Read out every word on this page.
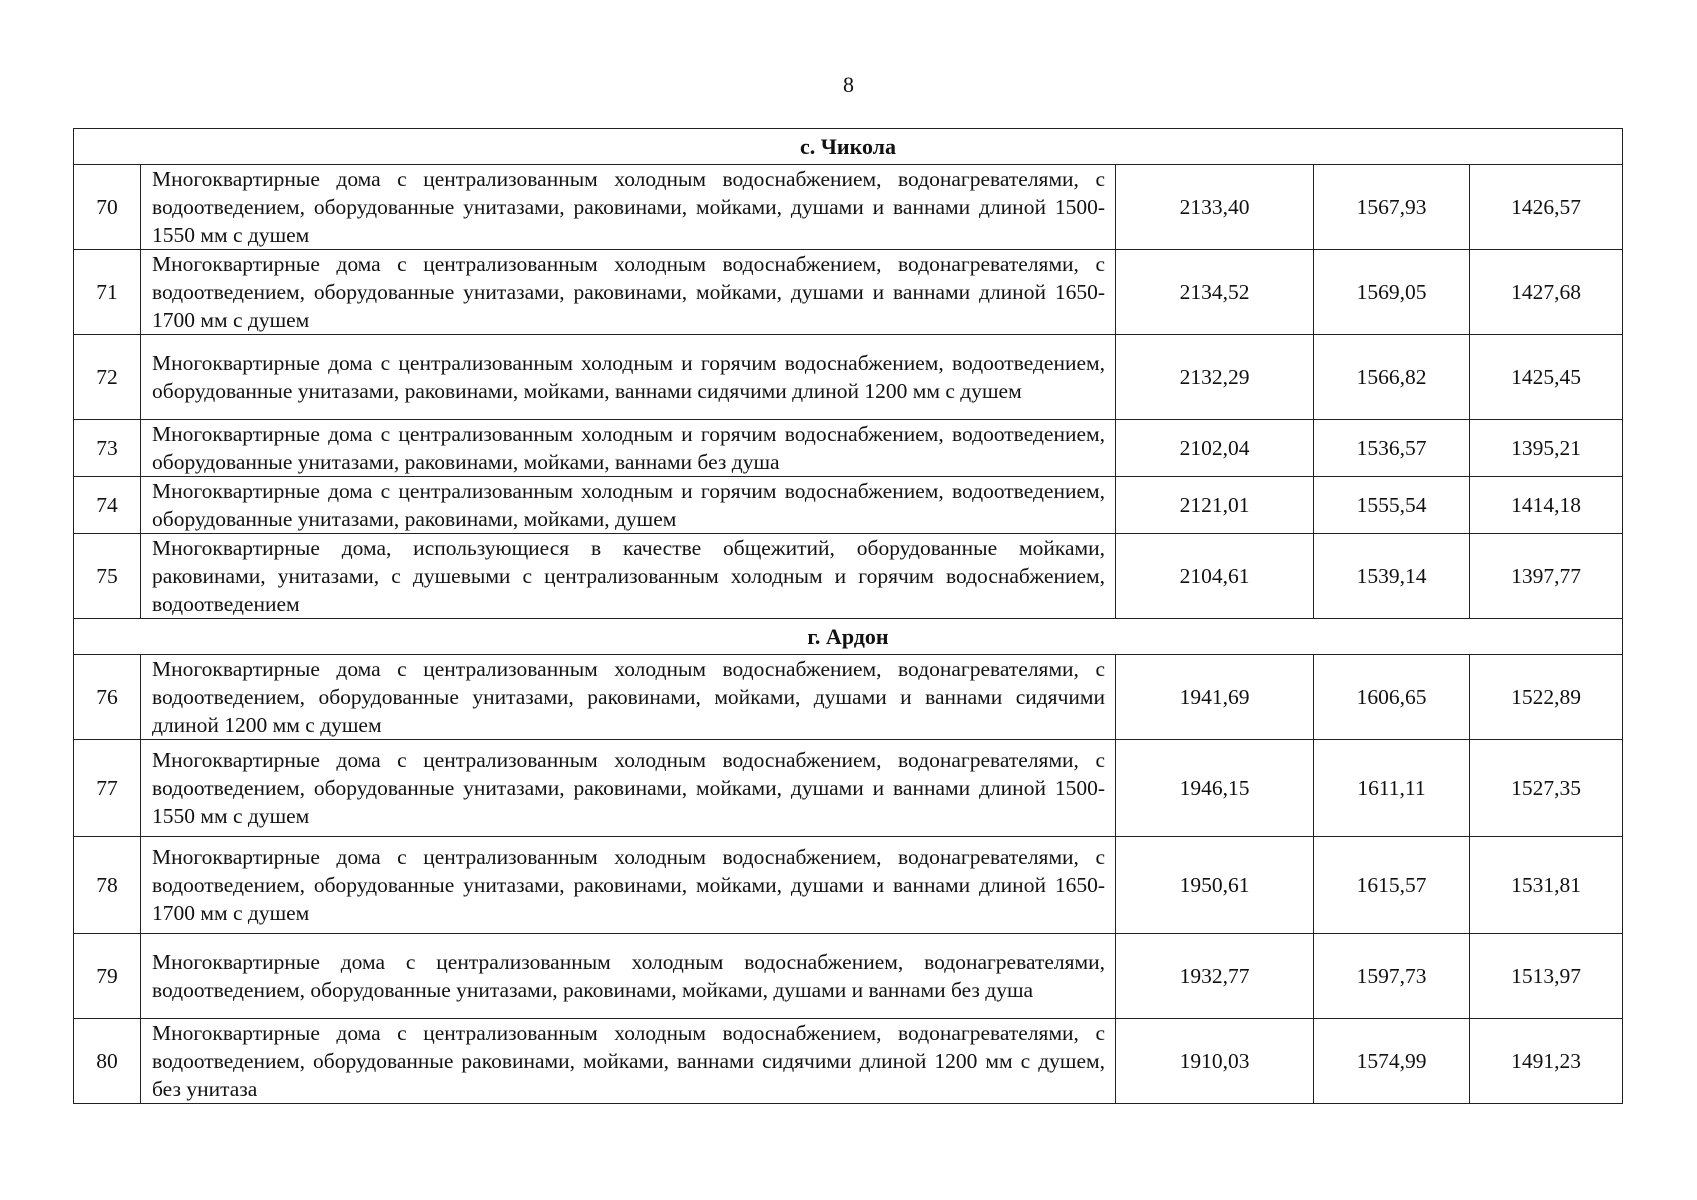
8
с. Чикола				
70	Многоквартирные дома с централизованным холодным водоснабжением, водонагревателями, с водоотведением, оборудованные унитазами, раковинами, мойками, душами и ваннами длиной 1500-1550 мм с душем	2133,40	1567,93	1426,57
71	Многоквартирные дома с централизованным холодным водоснабжением, водонагревателями, с водоотведением, оборудованные унитазами, раковинами, мойками, душами и ваннами длиной 1650-1700 мм с душем	2134,52	1569,05	1427,68
72	Многоквартирные дома с централизованным холодным и горячим водоснабжением, водоотведением, оборудованные унитазами, раковинами, мойками, ваннами сидячими длиной 1200 мм с душем	2132,29	1566,82	1425,45
73	Многоквартирные дома с централизованным холодным и горячим водоснабжением, водоотведением, оборудованные унитазами, раковинами, мойками, ваннами без душа	2102,04	1536,57	1395,21
74	Многоквартирные дома с централизованным холодным и горячим водоснабжением, водоотведением, оборудованные унитазами, раковинами, мойками, душем	2121,01	1555,54	1414,18
75	Многоквартирные дома, использующиеся в качестве общежитий, оборудованные мойками, раковинами, унитазами, с душевыми с централизованным холодным и горячим водоснабжением, водоотведением	2104,61	1539,14	1397,77
г. Ардон				
76	Многоквартирные дома с централизованным холодным водоснабжением, водонагревателями, с водоотведением, оборудованные унитазами, раковинами, мойками, душами и ваннами сидячими длиной 1200 мм с душем	1941,69	1606,65	1522,89
77	Многоквартирные дома с централизованным холодным водоснабжением, водонагревателями, с водоотведением, оборудованные унитазами, раковинами, мойками, душами и ваннами длиной 1500-1550 мм с душем	1946,15	1611,11	1527,35
78	Многоквартирные дома с централизованным холодным водоснабжением, водонагревателями, с водоотведением, оборудованные унитазами, раковинами, мойками, душами и ваннами длиной 1650-1700 мм с душем	1950,61	1615,57	1531,81
79	Многоквартирные дома с централизованным холодным водоснабжением, водонагревателями, водоотведением, оборудованные унитазами, раковинами, мойками, душами и ваннами без душа	1932,77	1597,73	1513,97
80	Многоквартирные дома с централизованным холодным водоснабжением, водонагревателями, с водоотведением, оборудованные раковинами, мойками, ваннами сидячими длиной 1200 мм с душем, без унитаза	1910,03	1574,99	1491,23
